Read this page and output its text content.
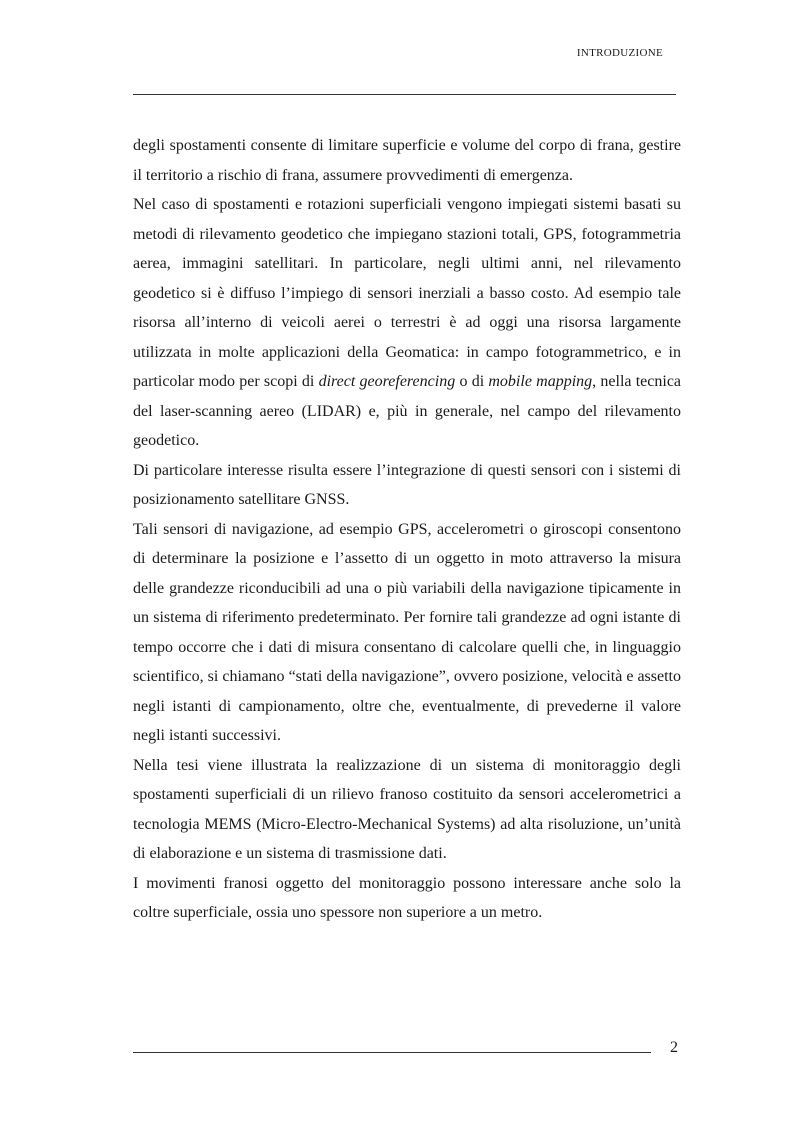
INTRODUZIONE

degli spostamenti consente di limitare superficie e volume del corpo di frana, gestire il territorio a rischio di frana, assumere provvedimenti di emergenza.

Nel caso di spostamenti e rotazioni superficiali vengono impiegati sistemi basati su metodi di rilevamento geodetico che impiegano stazioni totali, GPS, fotogrammetria aerea, immagini satellitari. In particolare, negli ultimi anni, nel rilevamento geodetico si è diffuso l’impiego di sensori inerziali a basso costo. Ad esempio tale risorsa all’interno di veicoli aerei o terrestri è ad oggi una risorsa largamente utilizzata in molte applicazioni della Geomatica: in campo fotogrammetrico, e in particolar modo per scopi di direct georeferencing o di mobile mapping, nella tecnica del laser-scanning aereo (LIDAR) e, più in generale, nel campo del rilevamento geodetico.

Di particolare interesse risulta essere l’integrazione di questi sensori con i sistemi di posizionamento satellitare GNSS.

Tali sensori di navigazione, ad esempio GPS, accelerometri o giroscopi consentono di determinare la posizione e l’assetto di un oggetto in moto attraverso la misura delle grandezze riconducibili ad una o più variabili della navigazione tipicamente in un sistema di riferimento predeterminato. Per fornire tali grandezze ad ogni istante di tempo occorre che i dati di misura consentano di calcolare quelli che, in linguaggio scientifico, si chiamano “stati della navigazione”, ovvero posizione, velocità e assetto negli istanti di campionamento, oltre che, eventualmente, di prevederne il valore negli istanti successivi.

Nella tesi viene illustrata la realizzazione di un sistema di monitoraggio degli spostamenti superficiali di un rilievo franoso costituito da sensori accelerometrici a tecnologia MEMS (Micro-Electro-Mechanical Systems) ad alta risoluzione, un’unità di elaborazione e un sistema di trasmissione dati.

I movimenti franosi oggetto del monitoraggio possono interessare anche solo la coltre superficiale, ossia uno spessore non superiore a un metro.

2
